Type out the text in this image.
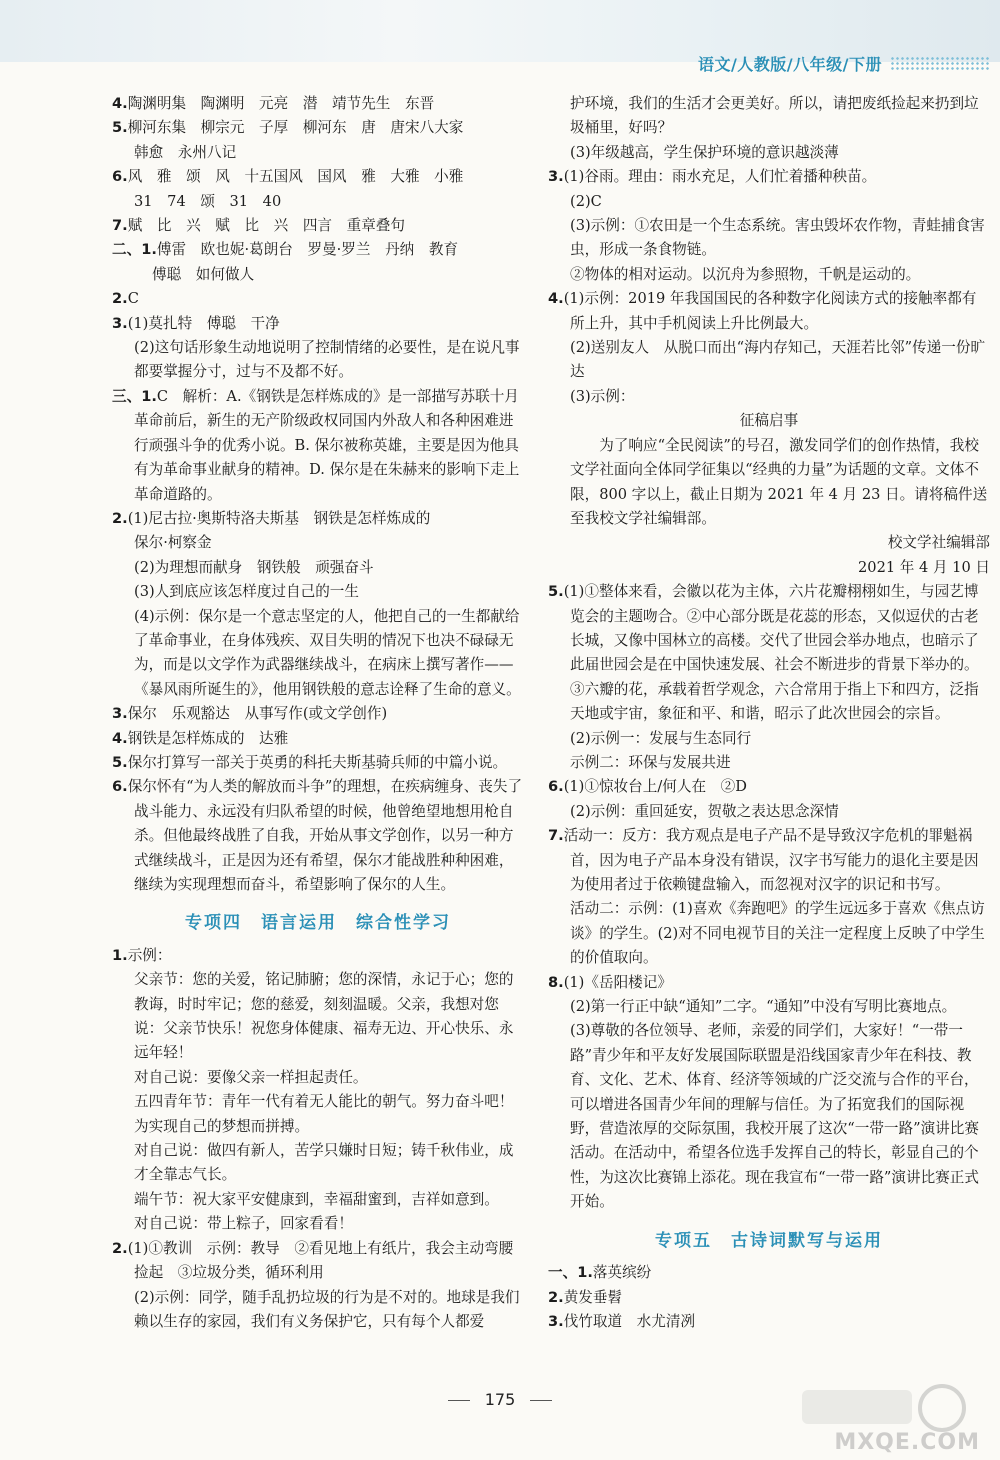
语文/人教版/八年级/下册

4.陶渊明集　陶渊明　元亮　潜　靖节先生　东晋

5.柳河东集　柳宗元　子厚　柳河东　唐　唐宋八大家

韩愈　永州八记

6.风　雅　颂　风　十五国风　国风　雅　大雅　小雅

31　74　颂　31　40

7.赋　比　兴　赋　比　兴　四言　重章叠句

二、1.傅雷　欧也妮·葛朗台　罗曼·罗兰　丹纳　教育

傅聪　如何做人

2.C

3.(1)莫扎特　傅聪　干净

(2)这句话形象生动地说明了控制情绪的必要性，是在说凡事都要掌握分寸，过与不及都不好。

三、1.C　解析：A.《钢铁是怎样炼成的》是一部描写苏联十月革命前后，新生的无产阶级政权同国内外敌人和各种困难进行顽强斗争的优秀小说。B. 保尔被称英雄，主要是因为他具有为革命事业献身的精神。D. 保尔是在朱赫来的影响下走上革命道路的。

2.(1)尼古拉·奥斯特洛夫斯基　钢铁是怎样炼成的

保尔·柯察金

(2)为理想而献身　钢铁般　顽强奋斗

(3)人到底应该怎样度过自己的一生

(4)示例：保尔是一个意志坚定的人，他把自己的一生都献给了革命事业，在身体残疾、双目失明的情况下也决不碌碌无为，而是以文学作为武器继续战斗，在病床上撰写著作——《暴风雨所诞生的》，他用钢铁般的意志诠释了生命的意义。

3.保尔　乐观豁达　从事写作(或文学创作)

4.钢铁是怎样炼成的　达雅

5.保尔打算写一部关于英勇的科托夫斯基骑兵师的中篇小说。

6.保尔怀有“为人类的解放而斗争”的理想，在疾病缠身、丧失了战斗能力、永远没有归队希望的时候，他曾绝望地想用枪自杀。但他最终战胜了自我，开始从事文学创作，以另一种方式继续战斗，正是因为还有希望，保尔才能战胜种种困难，继续为实现理想而奋斗，希望影响了保尔的人生。

专项四　语言运用　综合性学习

1.示例：

父亲节：您的关爱，铭记肺腑；您的深情，永记于心；您的教诲，时时牢记；您的慈爱，刻刻温暖。父亲，我想对您说：父亲节快乐！祝您身体健康、福寿无边、开心快乐、永远年轻！

对自己说：要像父亲一样担起责任。

五四青年节：青年一代有着无人能比的朝气。努力奋斗吧！为实现自己的梦想而拼搏。

对自己说：做四有新人，苦学只嫌时日短；铸千秋伟业，成才全靠志气长。

端午节：祝大家平安健康到，幸福甜蜜到，吉祥如意到。

对自己说：带上粽子，回家看看！

2.(1)①教训　示例：教导　②看见地上有纸片，我会主动弯腰捡起　③垃圾分类，循环利用

(2)示例：同学，随手乱扔垃圾的行为是不对的。地球是我们赖以生存的家园，我们有义务保护它，只有每个人都爱

护环境，我们的生活才会更美好。所以，请把废纸捡起来扔到垃圾桶里，好吗？

(3)年级越高，学生保护环境的意识越淡薄

3.(1)谷雨。理由：雨水充足，人们忙着播种秧苗。

(2)C

(3)示例：①农田是一个生态系统。害虫毁坏农作物，青蛙捕食害虫，形成一条食物链。

②物体的相对运动。以沉舟为参照物，千帆是运动的。

4.(1)示例：2019 年我国国民的各种数字化阅读方式的接触率都有所上升，其中手机阅读上升比例最大。

(2)送别友人　从脱口而出“海内存知己，天涯若比邻”传递一份旷达

(3)示例：

征稿启事

为了响应“全民阅读”的号召，激发同学们的创作热情，我校文学社面向全体同学征集以“经典的力量”为话题的文章。文体不限，800 字以上，截止日期为 2021 年 4 月 23 日。请将稿件送至我校文学社编辑部。

校文学社编辑部

2021 年 4 月 10 日

5.(1)①整体来看，会徽以花为主体，六片花瓣栩栩如生，与园艺博览会的主题吻合。②中心部分既是花蕊的形态，又似逗伏的古老长城，又像中国林立的高楼。交代了世园会举办地点，也暗示了此届世园会是在中国快速发展、社会不断进步的背景下举办的。③六瓣的花，承载着哲学观念，六合常用于指上下和四方，泛指天地或宇宙，象征和平、和谐，昭示了此次世园会的宗旨。

(2)示例一：发展与生态同行

示例二：环保与发展共进

6.(1)①惊妆台上/何人在　②D

(2)示例：重回延安，贺敬之表达思念深情

7.活动一：反方：我方观点是电子产品不是导致汉字危机的罪魁祸首，因为电子产品本身没有错误，汉字书写能力的退化主要是因为使用者过于依赖键盘输入，而忽视对汉字的识记和书写。

活动二：示例：(1)喜欢《奔跑吧》的学生远远多于喜欢《焦点访谈》的学生。(2)对不同电视节目的关注一定程度上反映了中学生的价值取向。

8.(1)《岳阳楼记》

(2)第一行正中缺“通知”二字。“通知”中没有写明比赛地点。

(3)尊敬的各位领导、老师，亲爱的同学们，大家好！“一带一路”青少年和平友好发展国际联盟是沿线国家青少年在科技、教育、文化、艺术、体育、经济等领域的广泛交流与合作的平台，可以增进各国青少年间的理解与信任。为了拓宽我们的国际视野，营造浓厚的交际氛围，我校开展了这次“一带一路”演讲比赛活动。在活动中，希望各位选手发挥自己的特长，彰显自己的个性，为这次比赛锦上添花。现在我宣布“一带一路”演讲比赛正式开始。

专项五　古诗词默写与运用

一、1.落英缤纷

2.黄发垂髫

3.伐竹取道　水尤清冽

175
MXQE.COM
